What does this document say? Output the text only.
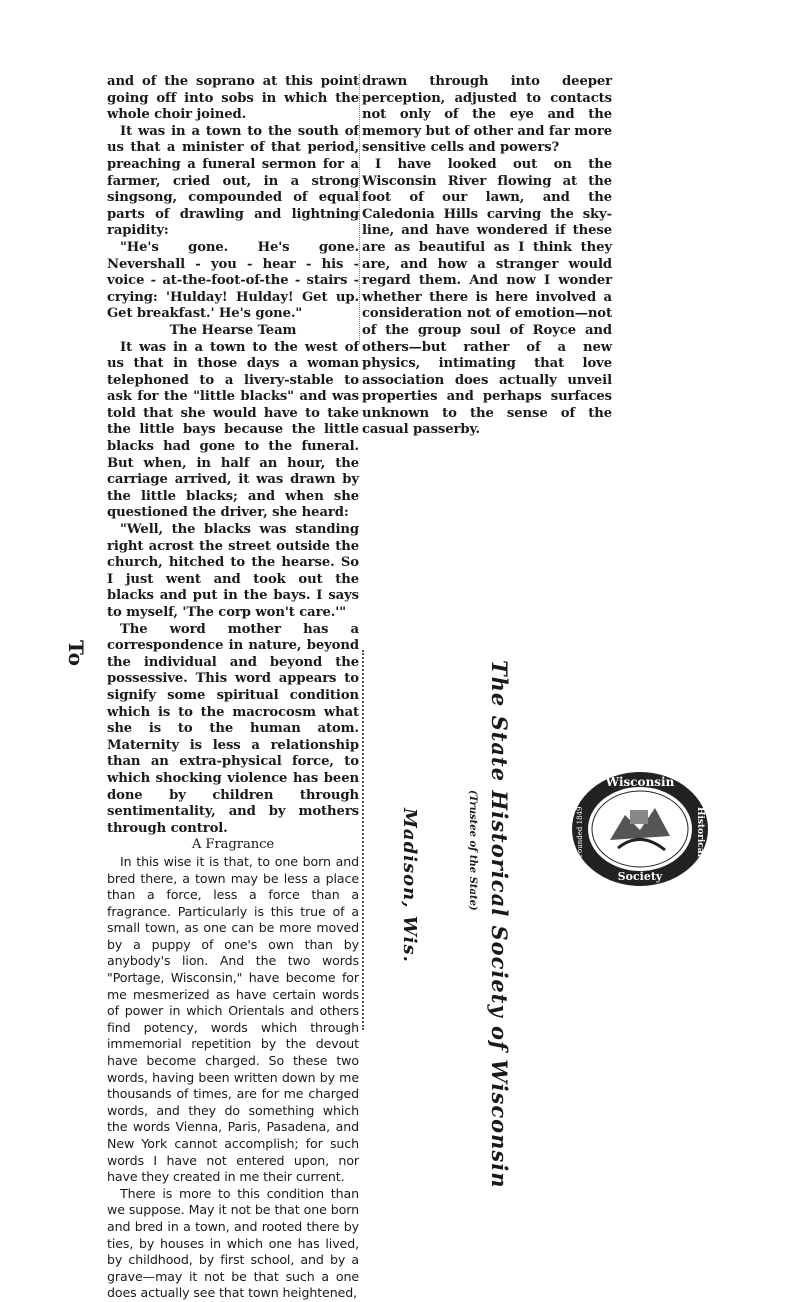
and of the soprano at this point going off into sobs in which the whole choir joined.

It was in a town to the south of us that a minister of that period, preaching a funeral sermon for a farmer, cried out, in a strong singsong, compounded of equal parts of drawling and lightning rapidity:

"He's gone. He's gone. Nevershall - you - hear - his - voice - at-the-foot-of-the - stairs - crying: 'Hulday! Hulday! Get up. Get breakfast.' He's gone."

The Hearse Team

It was in a town to the west of us that in those days a woman telephoned to a livery-stable to ask for the "little blacks" and was told that she would have to take the little bays because the little blacks had gone to the funeral. But when, in half an hour, the carriage arrived, it was drawn by the little blacks; and when she questioned the driver, she heard:

"Well, the blacks was standing right acrost the street outside the church, hitched to the hearse. So I just went and took out the blacks and put in the bays. I says to myself, 'The corp won't care.'"

The word mother has a correspondence in nature, beyond the individual and beyond the possessive. This word appears to signify some spiritual condition which is to the macrocosm what she is to the human atom. Maternity is less a relationship than an extra-physical force, to which shocking violence has been done by children through sentimentality, and by mothers through control.

A Fragrance

In this wise it is that, to one born and bred there, a town may be less a place than a force, less a force than a fragrance. Particularly is this true of a small town, as one can be more moved by a puppy of one's own than by anybody's lion. And the two words "Portage, Wisconsin," have become for me mesmerized as have certain words of power in which Orientals and others find potency, words which through immemorial repetition by the devout have become charged. So these two words, having been written down by me thousands of times, are for me charged words, and they do something which the words Vienna, Paris, Pasadena, and New York cannot accomplish; for such words I have not entered upon, nor have they created in me their current.

There is more to this condition than we suppose. May it not be that one born and bred in a town, and rooted there by ties, by houses in which one has lived, by childhood, by first school, and by a grave—may it not be that such a one does actually see that town heightened,

drawn through into deeper perception, adjusted to contacts not only of the eye and the memory but of other and far more sensitive cells and powers?

I have looked out on the Wisconsin River flowing at the foot of our lawn, and the Caledonia Hills carving the sky-line, and have wondered if these are as beautiful as I think they are, and how a stranger would regard them. And now I wonder whether there is here involved a consideration not of emotion—not of the group soul of Royce and others—but rather of a new physics, intimating that love association does actually unveil properties and perhaps surfaces unknown to the sense of the casual passerby.

To
The State Historical Society of Wisconsin
(Trustee of the State)
Madison, Wis.
Wisconsin
Historical
Society
Founded 1849
